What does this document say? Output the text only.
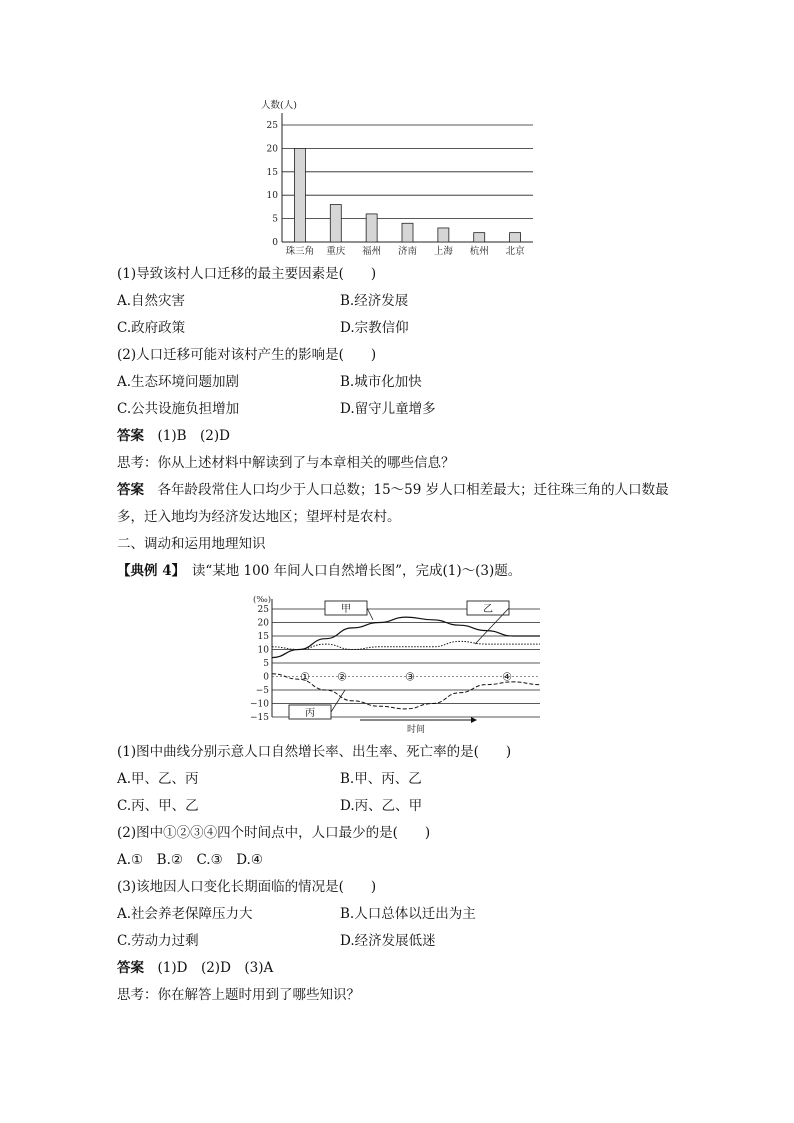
人数(人)
25
20
15
10
5
0
珠三角 重庆 福州 济南 上海 杭州 北京
(‰)
时间
25
20
15
10
5
0
−5
−10
−15
甲	乙
丙
① ②	③	④
(1)导致该村人口迁移的最主要因素是(　　)
A.自然灾害	B.经济发展
C.政府政策	D.宗教信仰
(2)人口迁移可能对该村产生的影响是(　　)
A.生态环境问题加剧	B.城市化加快
C.公共设施负担增加	D.留守儿童增多
答案　(1)B　(2)D
思考：你从上述材料中解读到了与本章相关的哪些信息？
答案　各年龄段常住人口均少于人口总数；15～59 岁人口相差最大；迁往珠三角的人口数最
多，迁入地均为经济发达地区；望坪村是农村。
二、调动和运用地理知识
【典例 4】　读“某地 100 年间人口自然增长图”，完成(1)～(3)题。
(1)图中曲线分别示意人口自然增长率、出生率、死亡率的是(　　)
A.甲、乙、丙	B.甲、丙、乙
C.丙、甲、乙	D.丙、乙、甲
(2)图中①②③④四个时间点中，人口最少的是(　　)
A.①　B.②　C.③　D.④
(3)该地因人口变化长期面临的情况是(　　)
A.社会养老保障压力大	B.人口总体以迁出为主
C.劳动力过剩	D.经济发展低迷
答案　(1)D　(2)D　(3)A
思考：你在解答上题时用到了哪些知识？
